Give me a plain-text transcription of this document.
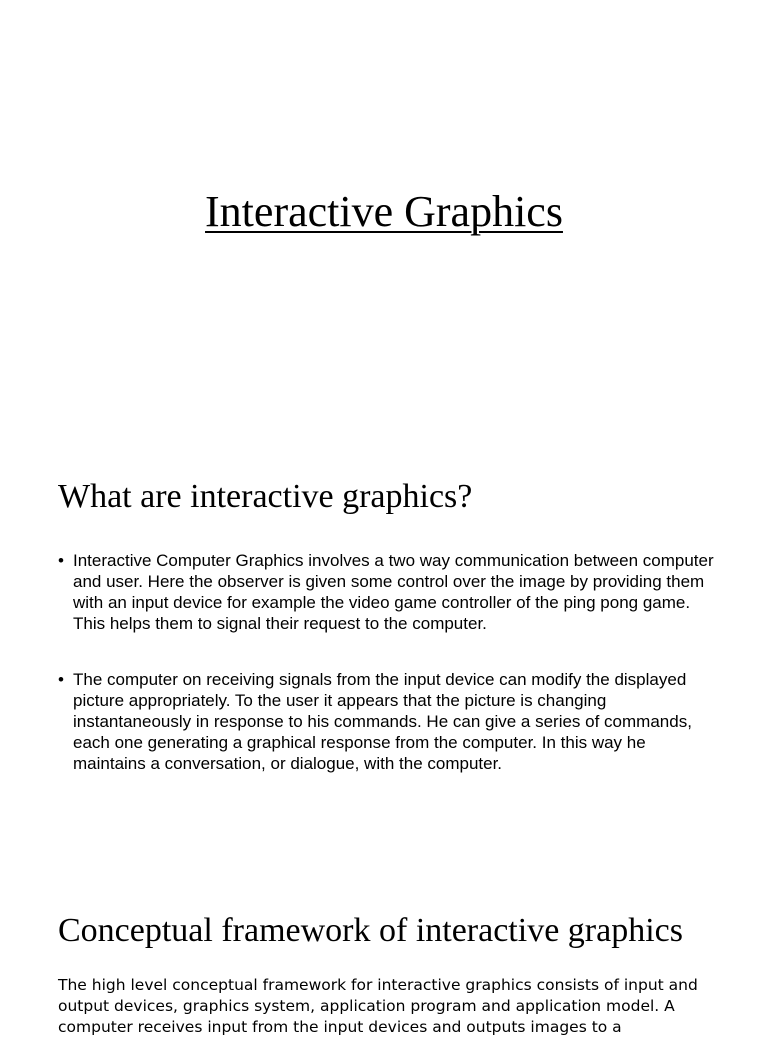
Interactive Graphics
What are interactive graphics?
• Interactive Computer Graphics involves a two way communication between computer and user. Here the observer is given some control over the image by providing them with an input device for example the video game controller of the ping pong game. This helps them to signal their request to the computer.
• The computer on receiving signals from the input device can modify the displayed picture appropriately. To the user it appears that the picture is changing instantaneously in response to his commands. He can give a series of commands, each one generating a graphical response from the computer. In this way he maintains a conversation, or dialogue, with the computer.
Conceptual framework of interactive graphics

The high level conceptual framework for interactive graphics consists of input and output devices, graphics system, application program and application model. A computer receives input from the input devices and outputs images to a
